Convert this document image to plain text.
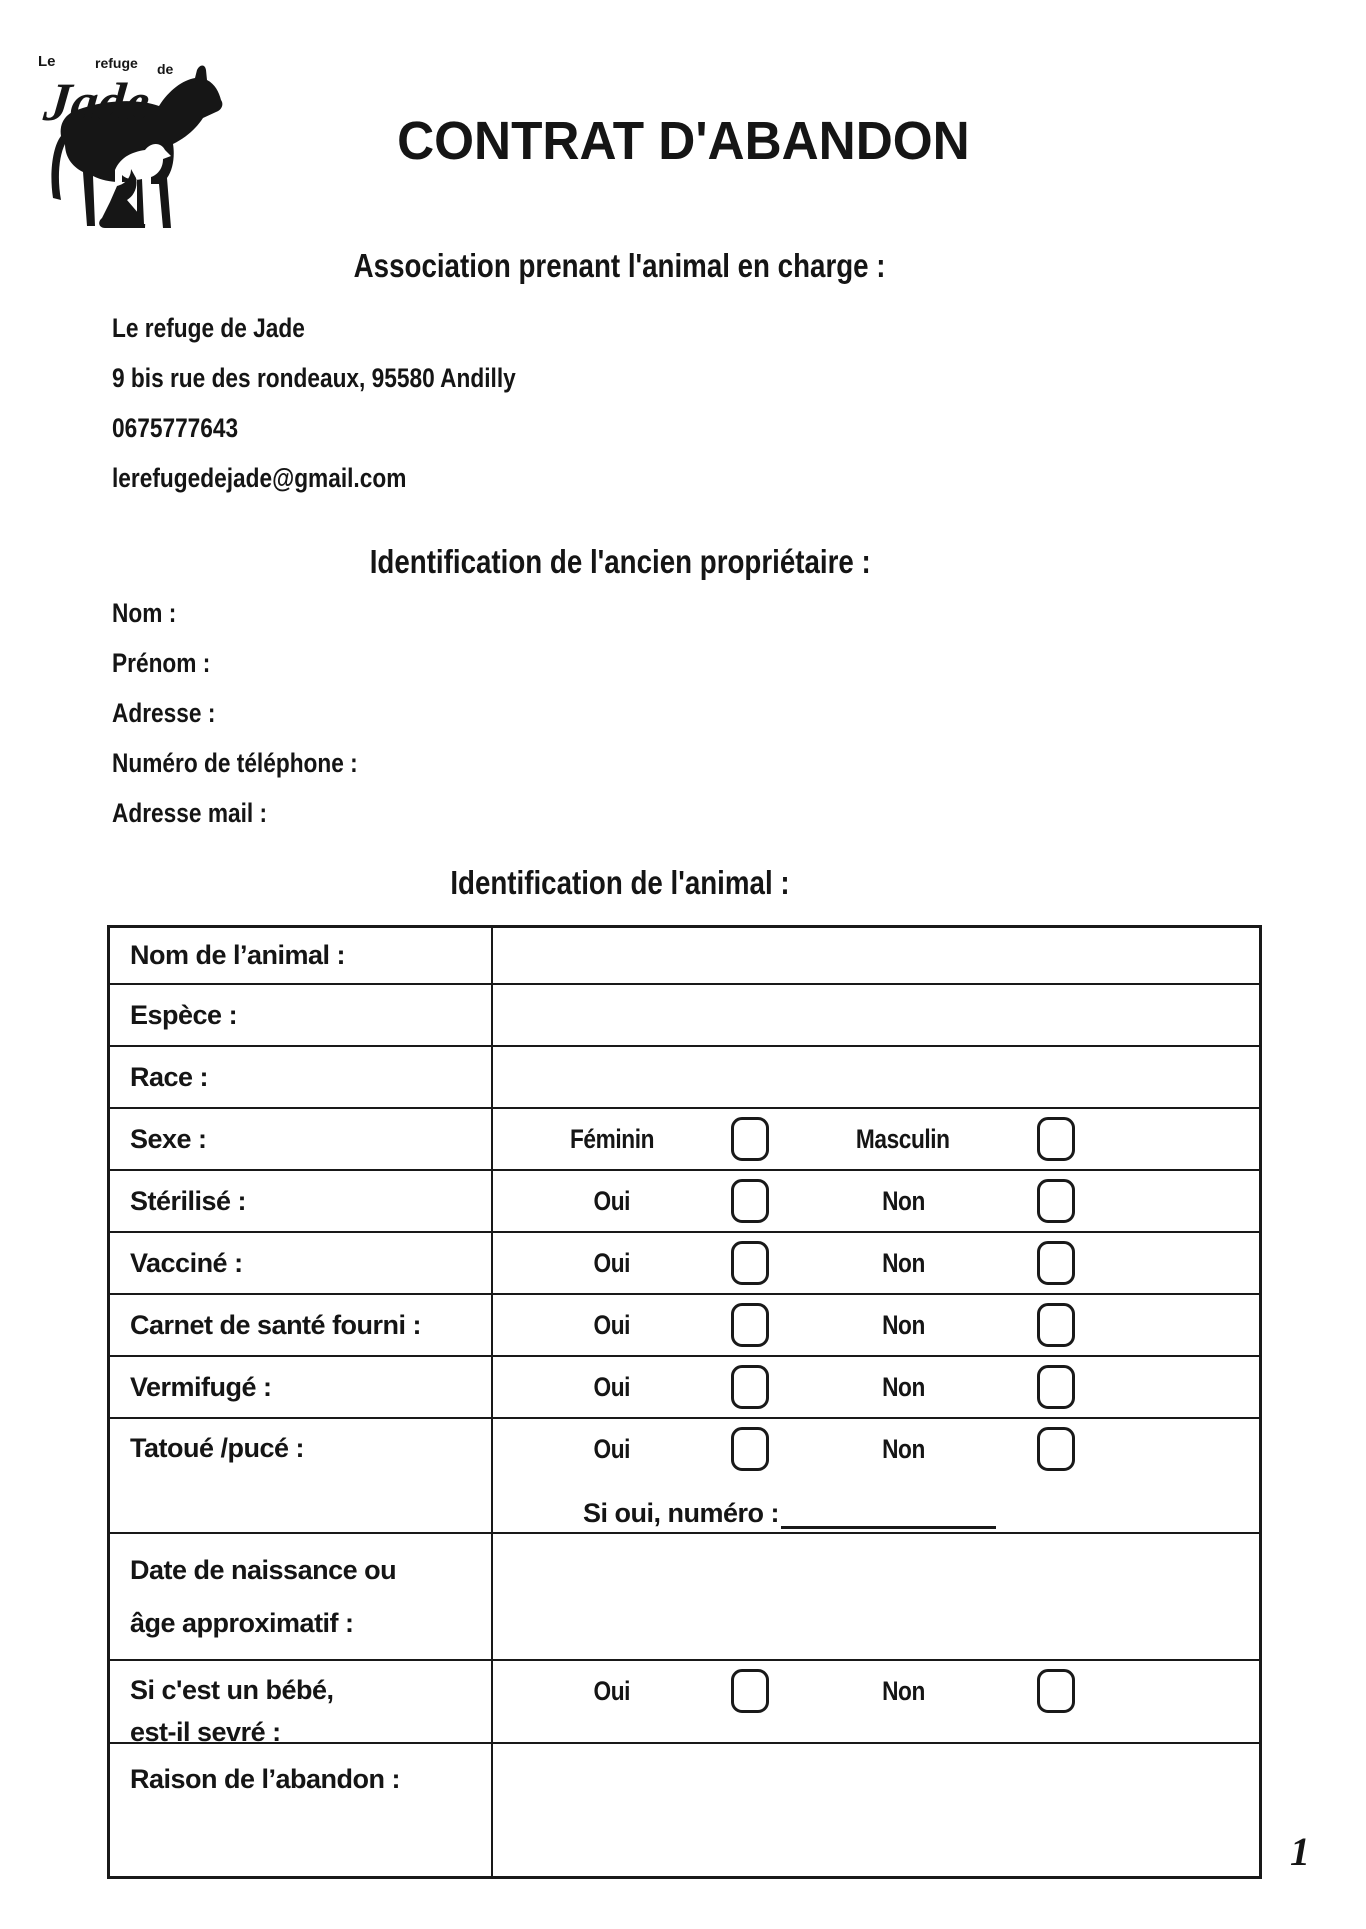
Le	refuge de
Jade
CONTRAT D'ABANDON
Association prenant l'animal en charge :
Le refuge de Jade
9 bis rue des rondeaux, 95580 Andilly
0675777643
lerefugedejade@gmail.com
Identification de l'ancien propriétaire :
Nom :
Prénom :
Adresse :
Numéro de téléphone :
Adresse mail :
Identification de l'animal :
Nom de l’animal :
Espèce :
Race :
Sexe :	Féminin	Masculin
Stérilisé :	Oui	Non
Vacciné :	Oui	Non
Carnet de santé fourni :	Oui	Non
Vermifugé :	Oui	Non
Tatoué /pucé :	Oui	Non
Si oui, numéro :
Date de naissance ou
âge approximatif :
Si c'est un bébé,
est-il sevré :
Oui	Non
Raison de l’abandon :
1
